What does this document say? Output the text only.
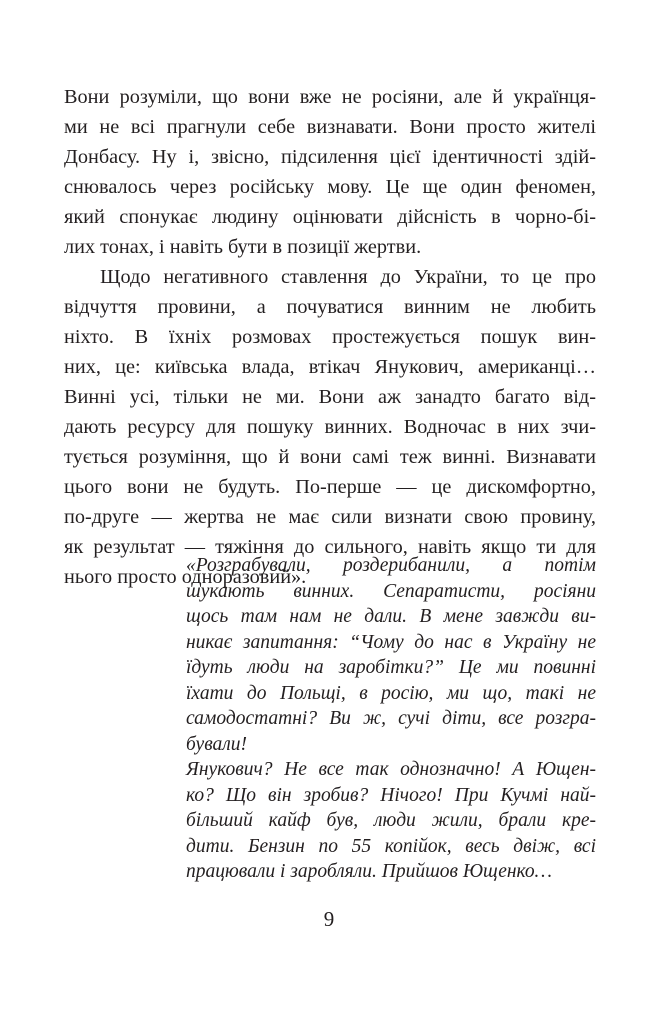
Вони розуміли, що вони вже не росіяни, але й українця-
ми не всі прагнули себе визнавати. Вони просто жителі
Донбасу. Ну і, звісно, підсилення цієї ідентичності здій-
снювалось через російську мову. Це ще один феномен,
який спонукає людину оцінювати дійсність в чорно-бі-
лих тонах, і навіть бути в позиції жертви.
Щодо негативного ставлення до України, то це про
відчуття провини, а почуватися винним не любить
ніхто. В їхніх розмовах простежується пошук вин-
них, це: київська влада, втікач Янукович, американці…
Винні усі, тільки не ми. Вони аж занадто багато від-
дають ресурсу для пошуку винних. Водночас в них зчи-
тується розуміння, що й вони самі теж винні. Визнавати
цього вони не будуть. По-перше — це дискомфортно,
по-друге — жертва не має сили визнати свою провину,
як результат — тяжіння до сильного, навіть якщо ти для
нього просто одноразовий».
«Розграбували, роздерибанили, а потім
шукають винних. Сепаратисти, росіяни
щось там нам не дали. В мене завжди ви-
никає запитання: “Чому до нас в Україну не
їдуть люди на заробітки?” Це ми повинні
їхати до Польщі, в росію, ми що, такі не
самодостатні? Ви ж, сучі діти, все розгра-
бували!
Янукович? Не все так однозначно! А Ющен-
ко? Що він зробив? Нічого! При Кучмі най-
більший кайф був, люди жили, брали кре-
дити. Бензин по 55 копійок, весь двіж, всі
працювали і заробляли. Прийшов Ющенко…
9
